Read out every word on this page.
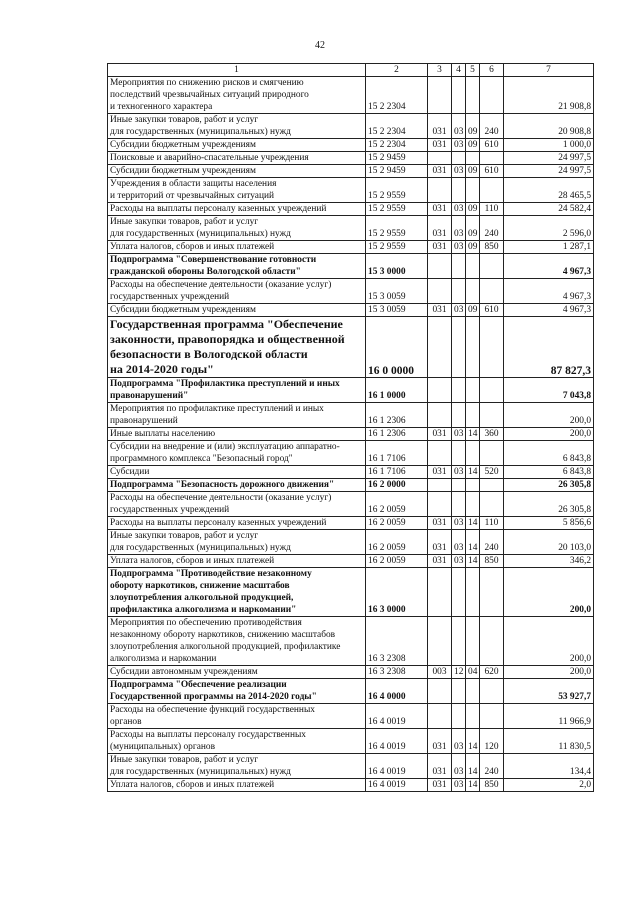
42
1	2	3	4	5	6	7
Мероприятия по снижению рисков и смягчению
последствий чрезвычайных ситуаций природного
и техногенного характера	15 2 2304					21 908,8
Иные закупки товаров, работ и услуг
для государственных (муниципальных) нужд	15 2 2304	031	03	09	240	20 908,8
Субсидии бюджетным учреждениям	15 2 2304	031	03	09	610	1 000,0
Поисковые и аварийно-спасательные учреждения	15 2 9459					24 997,5
Субсидии бюджетным учреждениям	15 2 9459	031	03	09	610	24 997,5
Учреждения в области защиты населения
и территорий от чрезвычайных ситуаций	15 2 9559					28 465,5
Расходы на выплаты персоналу казенных учреждений	15 2 9559	031	03	09	110	24 582,4
Иные закупки товаров, работ и услуг
для государственных (муниципальных) нужд	15 2 9559	031	03	09	240	2 596,0
Уплата налогов, сборов и иных платежей	15 2 9559	031	03	09	850	1 287,1
Подпрограмма "Совершенствование готовности
гражданской обороны Вологодской области"	15 3 0000					4 967,3
Расходы на обеспечение деятельности (оказание услуг)
государственных учреждений	15 3 0059					4 967,3
Субсидии бюджетным учреждениям	15 3 0059	031	03	09	610	4 967,3
Государственная программа "Обеспечение
законности, правопорядка и общественной
безопасности в Вологодской области
на 2014-2020 годы"	16 0 0000					87 827,3
Подпрограмма "Профилактика преступлений и иных
правонарушений"	16 1 0000					7 043,8
Мероприятия по профилактике преступлений и иных
правонарушений	16 1 2306					200,0
Иные выплаты населению	16 1 2306	031	03	14	360	200,0
Субсидии на внедрение и (или) эксплуатацию аппаратно-
программного комплекса "Безопасный город"	16 1 7106					6 843,8
Субсидии	16 1 7106	031	03	14	520	6 843,8
Подпрограмма "Безопасность дорожного движения"	16 2 0000					26 305,8
Расходы на обеспечение деятельности (оказание услуг)
государственных учреждений	16 2 0059					26 305,8
Расходы на выплаты персоналу казенных учреждений	16 2 0059	031	03	14	110	5 856,6
Иные закупки товаров, работ и услуг
для государственных (муниципальных) нужд	16 2 0059	031	03	14	240	20 103,0
Уплата налогов, сборов и иных платежей	16 2 0059	031	03	14	850	346,2
Подпрограмма "Противодействие незаконному
обороту наркотиков, снижение масштабов
злоупотребления алкогольной продукцией,
профилактика алкоголизма и наркомании"	16 3 0000					200,0
Мероприятия по обеспечению противодействия
незаконному обороту наркотиков, снижению масштабов
злоупотребления алкогольной продукцией, профилактике
алкоголизма и наркомании	16 3 2308					200,0
Субсидии автономным учреждениям	16 3 2308	003	12	04	620	200,0
Подпрограмма "Обеспечение реализации
Государственной программы на 2014-2020 годы"	16 4 0000					53 927,7
Расходы на обеспечение функций государственных
органов	16 4 0019					11 966,9
Расходы на выплаты персоналу государственных
(муниципальных) органов	16 4 0019	031	03	14	120	11 830,5
Иные закупки товаров, работ и услуг
для государственных (муниципальных) нужд	16 4 0019	031	03	14	240	134,4
Уплата налогов, сборов и иных платежей	16 4 0019	031	03	14	850	2,0
